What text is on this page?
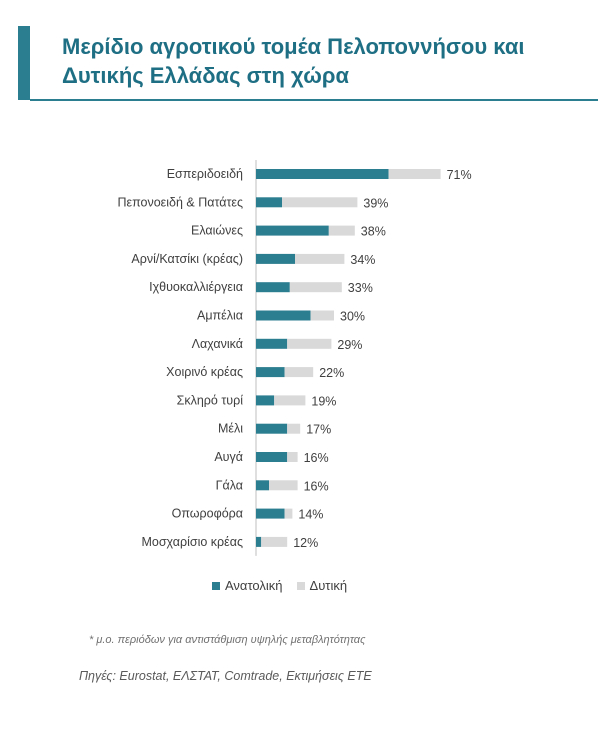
Μερίδιο αγροτικού τομέα Πελοποννήσου και Δυτικής Ελλάδας στη χώρα
Εσπεριδοειδή	71%
Πεπονοειδή & Πατάτες	39%
Ελαιώνες	38%
Αρνί/Κατσίκι (κρέας)	34%
Ιχθυοκαλλιέργεια	33%
Αμπέλια	30%
Λαχανικά	29%
Χοιρινό κρέας	22%
Σκληρό τυρί	19%
Μέλι	17%
Αυγά	16%
Γάλα	16%
Οπωροφόρα	14%
Μοσχαρίσιο κρέας	12%
Ανατολική Δυτική
* μ.ο. περιόδων για αντιστάθμιση υψηλής μεταβλητότητας
Πηγές: Eurostat, ΕΛΣΤΑΤ, Comtrade, Εκτιμήσεις ΕΤΕ
